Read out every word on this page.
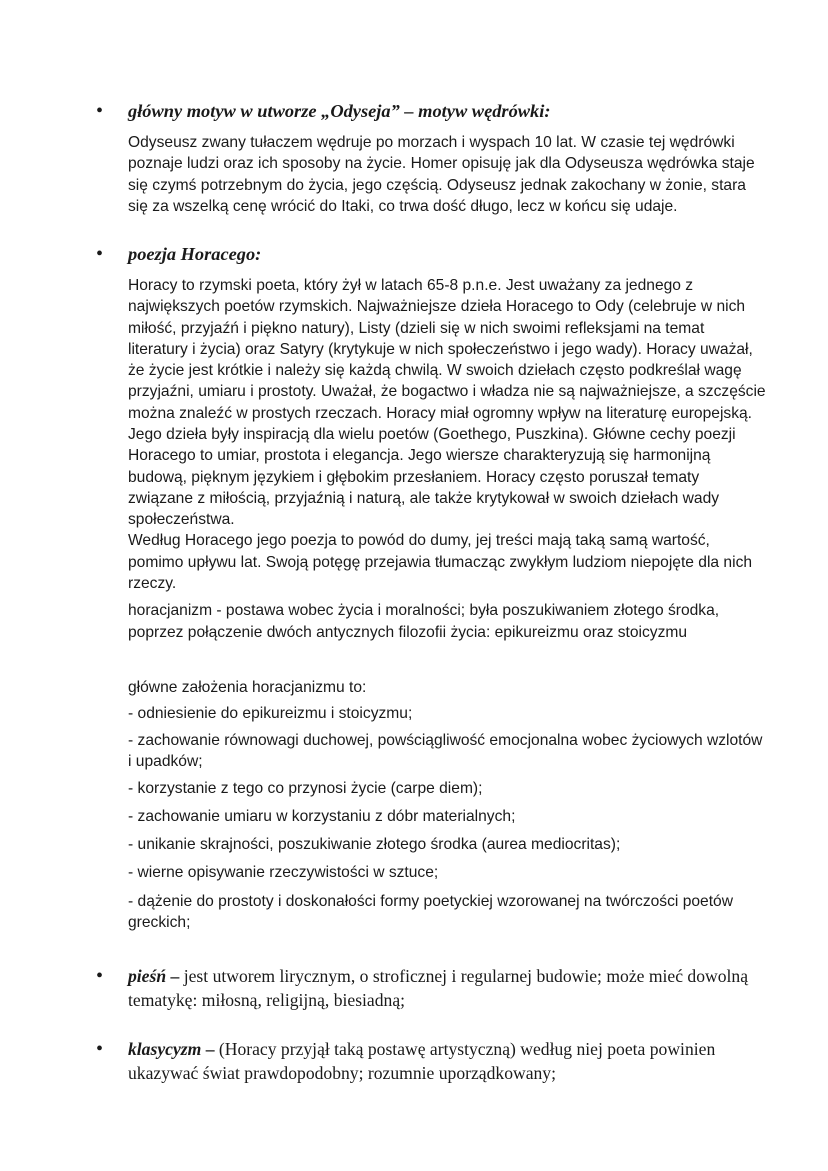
• główny motyw w utworze „Odyseja” – motyw wędrówki:
Odyseusz zwany tułaczem wędruje po morzach i wyspach 10 lat. W czasie tej wędrówki poznaje ludzi oraz ich sposoby na życie. Homer opisuję jak dla Odyseusza wędrówka staje się czymś potrzebnym do życia, jego częścią. Odyseusz jednak zakochany w żonie, stara się za wszelką cenę wrócić do Itaki, co trwa dość długo, lecz w końcu się udaje.
• poezja Horacego:
Horacy to rzymski poeta, który żył w latach 65-8 p.n.e. Jest uważany za jednego z największych poetów rzymskich. Najważniejsze dzieła Horacego to Ody (celebruje w nich miłość, przyjaźń i piękno natury), Listy (dzieli się w nich swoimi refleksjami na temat literatury i życia) oraz Satyry (krytykuje w nich społeczeństwo i jego wady). Horacy uważał, że życie jest krótkie i należy się każdą chwilą. W swoich dziełach często podkreślał wagę przyjaźni, umiaru i prostoty. Uważał, że bogactwo i władza nie są najważniejsze, a szczęście można znaleźć w prostych rzeczach. Horacy miał ogromny wpływ na literaturę europejską. Jego dzieła były inspiracją dla wielu poetów (Goethego, Puszkina). Główne cechy poezji Horacego to umiar, prostota i elegancja. Jego wiersze charakteryzują się harmonijną budową, pięknym językiem i głębokim przesłaniem. Horacy często poruszał tematy związane z miłością, przyjaźnią i naturą, ale także krytykował w swoich dziełach wady społeczeństwa.
Według Horacego jego poezja to powód do dumy, jej treści mają taką samą wartość, pomimo upływu lat. Swoją potęgę przejawia tłumacząc zwykłym ludziom niepojęte dla nich rzeczy.
horacjanizm - postawa wobec życia i moralności; była poszukiwaniem złotego środka, poprzez połączenie dwóch antycznych filozofii życia: epikureizmu oraz stoicyzmu
główne założenia horacjanizmu to:
- odniesienie do epikureizmu i stoicyzmu;
- zachowanie równowagi duchowej, powściągliwość emocjonalna wobec życiowych wzlotów i upadków;
- korzystanie z tego co przynosi życie (carpe diem);
- zachowanie umiaru w korzystaniu z dóbr materialnych;
- unikanie skrajności, poszukiwanie złotego środka (aurea mediocritas);
- wierne opisywanie rzeczywistości w sztuce;
- dążenie do prostoty i doskonałości formy poetyckiej wzorowanej na twórczości poetów greckich;
• pieśń – jest utworem lirycznym, o stroficznej i regularnej budowie; może mieć dowolną tematykę: miłosną, religijną, biesiadną;
• klasycyzm – (Horacy przyjął taką postawę artystyczną) według niej poeta powinien ukazywać świat prawdopodobny; rozumnie uporządkowany;
